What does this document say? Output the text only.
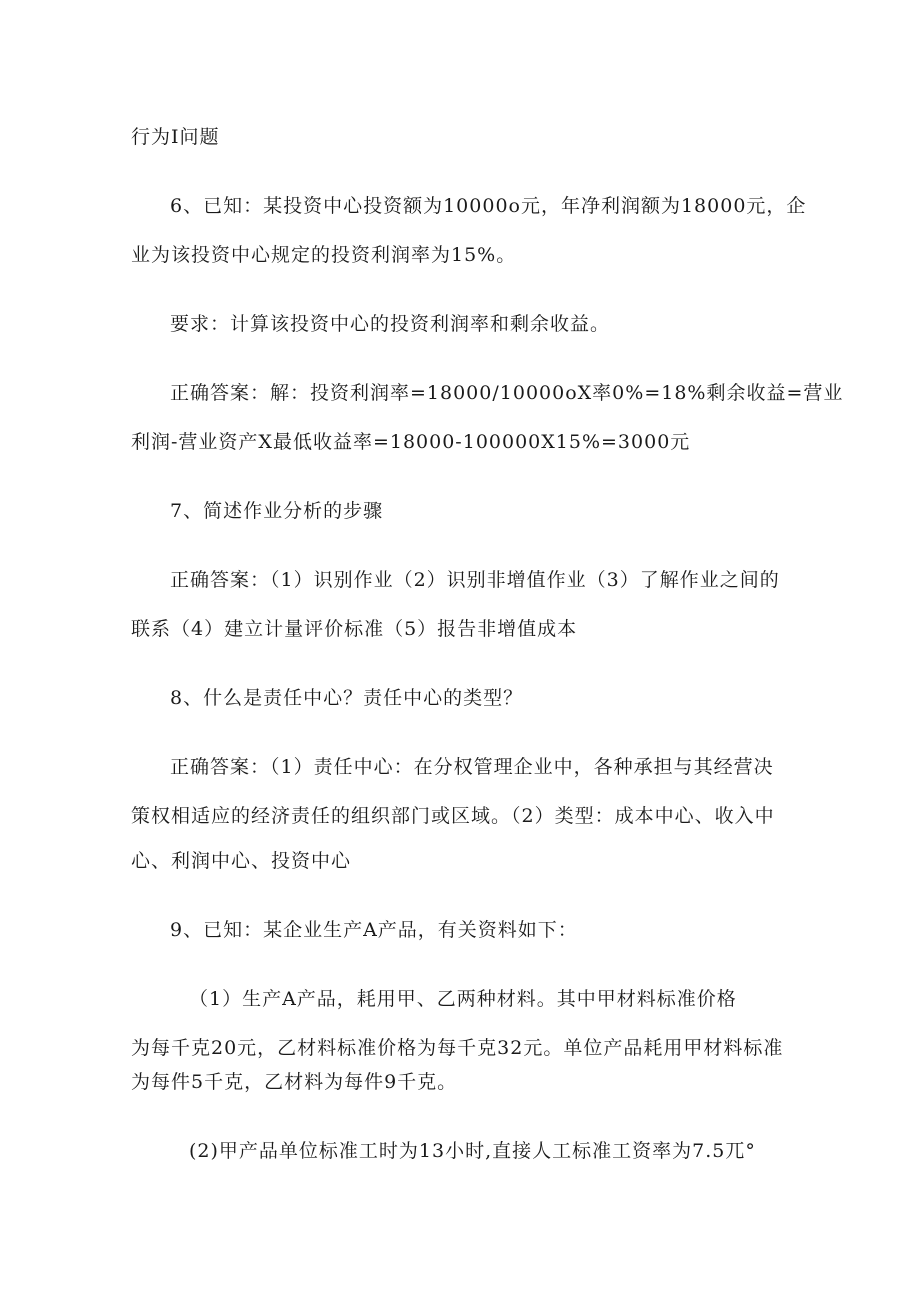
行为Ⅰ问题
6、已知：某投资中心投资额为10000o元，年净利润额为18000元，企
业为该投资中心规定的投资利润率为15%。
要求：计算该投资中心的投资利润率和剩余收益。
正确答案：解：投资利润率=18000/10000oX率0%=18%剩余收益=营业
利润-营业资产X最低收益率=18000-100000X15%=3000元
7、简述作业分析的步骤
正确答案：（1）识别作业（2）识别非增值作业（3）了解作业之间的
联系（4）建立计量评价标准（5）报告非增值成本
8、什么是责任中心？责任中心的类型？
正确答案：（1）责任中心：在分权管理企业中，各种承担与其经营决
策权相适应的经济责任的组织部门或区域。（2）类型：成本中心、收入中
心、利润中心、投资中心
9、已知：某企业生产A产品，有关资料如下：
（1）生产A产品，耗用甲、乙两种材料。其中甲材料标准价格
为每千克20元，乙材料标准价格为每千克32元。单位产品耗用甲材料标准
为每件5千克，乙材料为每件9千克。
(2)甲产品单位标准工时为13小时,直接人工标准工资率为7.5兀°
